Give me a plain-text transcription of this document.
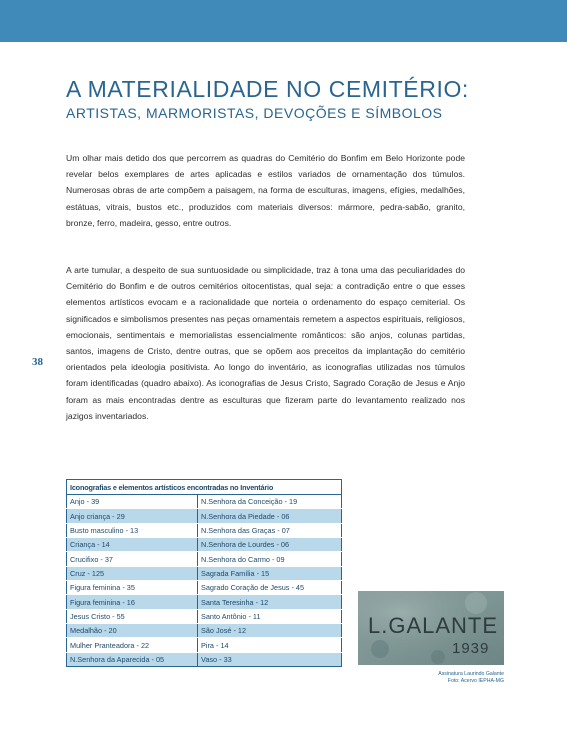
A MATERIALIDADE NO CEMITÉRIO:
ARTISTAS, MARMORISTAS, DEVOÇÕES E SÍMBOLOS

Um olhar mais detido dos que percorrem as quadras do Cemitério do Bonfim em Belo Horizonte pode revelar belos exemplares de artes aplicadas e estilos variados de ornamentação dos túmulos. Numerosas obras de arte compõem a paisagem, na forma de esculturas, imagens, efígies, medalhões, estátuas, vitrais, bustos etc., produzidos com materiais diversos: mármore, pedra-sabão, granito, bronze, ferro, madeira, gesso, entre outros.

A arte tumular, a despeito de sua suntuosidade ou simplicidade, traz à tona uma das peculiaridades do Cemitério do Bonfim e de outros cemitérios oitocentistas, qual seja: a contradição entre o que esses elementos artísticos evocam e a racionalidade que norteia o ordenamento do espaço cemiterial. Os significados e simbolismos presentes nas peças ornamentais remetem a aspectos espirituais, religiosos, emocionais, sentimentais e memorialistas essencialmente românticos: são anjos, colunas partidas, santos, imagens de Cristo, dentre outras, que se opõem aos preceitos da implantação do cemitério orientados pela ideologia positivista. Ao longo do inventário, as iconografias utilizadas nos túmulos foram identificadas (quadro abaixo). As iconografias de Jesus Cristo, Sagrado Coração de Jesus e Anjo foram as mais encontradas dentre as esculturas que fizeram parte do levantamento realizado nos jazigos inventariados.

38
Iconografias e elementos artísticos encontradas no Inventário	
Anjo - 39	N.Senhora da Conceição - 19
Anjo criança - 29	N.Senhora da Piedade - 06
Busto masculino - 13	N.Senhora das Graças - 07
Criança - 14	N.Senhora de Lourdes - 06
Crucifixo - 37	N.Senhora do Carmo - 09
Cruz - 125	Sagrada Família - 15
Figura feminina - 35	Sagrado Coração de Jesus - 45
Figura feminina - 16	Santa Teresinha - 12
Jesus Cristo - 55	Santo Antônio - 11
Medalhão - 20	São José - 12
Mulher Pranteadora - 22	Pira - 14
N.Senhora da Aparecida - 05	Vaso - 33
L.GALANTE
1939

Assinatura Laurindo Galante
Foto: Acervo IEPHA-MG
